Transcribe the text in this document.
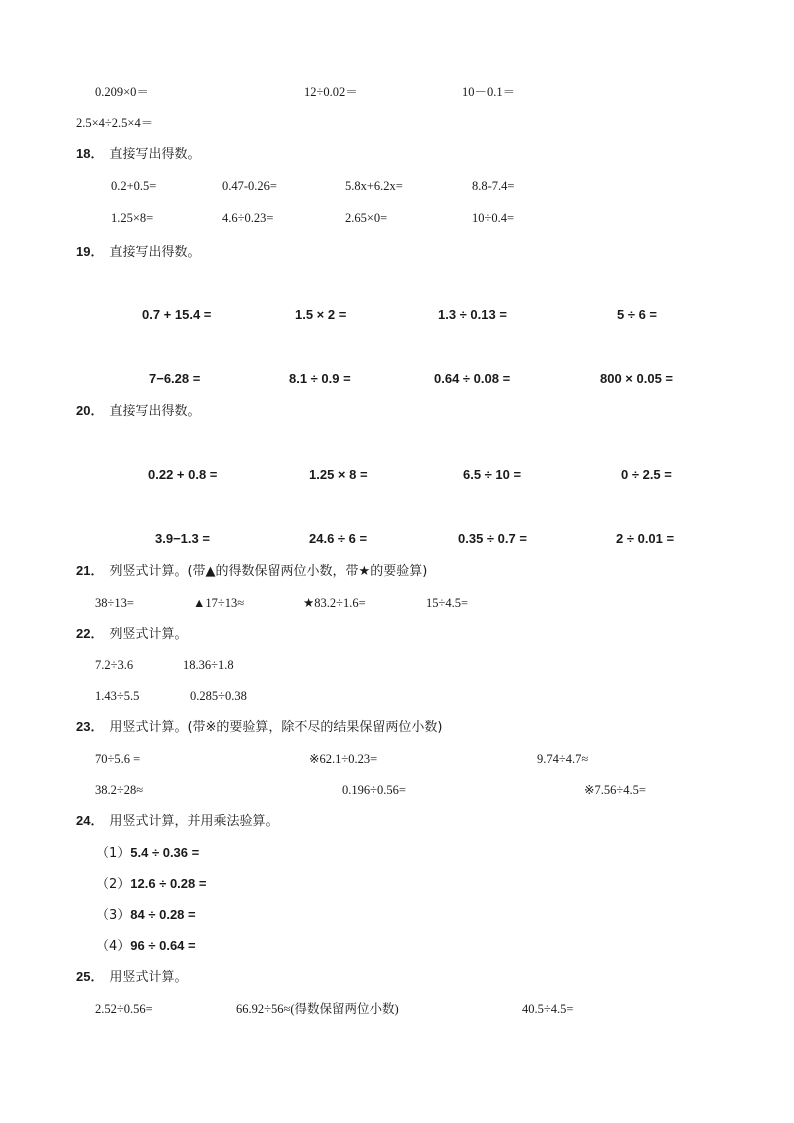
0.209×0＝	12÷0.02＝	10－0.1＝
2.5×4÷2.5×4＝
18． 直接写出得数。
0.2+0.5=	0.47-0.26=	5.8x+6.2x=	8.8-7.4=
1.25×8=	4.6÷0.23=	2.65×0=	10÷0.4=
19． 直接写出得数。
0.7 + 15.4 =	1.5 × 2 =	1.3 ÷ 0.13 =	5 ÷ 6 =
7−6.28 =	8.1 ÷ 0.9 =	0.64 ÷ 0.08 =	800 × 0.05 =
20． 直接写出得数。
0.22 + 0.8 =	1.25 × 8 =	6.5 ÷ 10 =	0 ÷ 2.5 =
3.9−1.3 =	24.6 ÷ 6 =	0.35 ÷ 0.7 =	2 ÷ 0.01 =
21． 列竖式计算。(带▲的得数保留两位小数，带★的要验算)
38÷13=	▲17÷13≈	★83.2÷1.6=	15÷4.5=
22． 列竖式计算。
7.2÷3.6	18.36÷1.8
1.43÷5.5	0.285÷0.38
23． 用竖式计算。(带※的要验算，除不尽的结果保留两位小数)
70÷5.6 =	※62.1÷0.23=	9.74÷4.7≈
38.2÷28≈	0.196÷0.56=	※7.56÷4.5=
24． 用竖式计算，并用乘法验算。
（1）5.4 ÷ 0.36 =
（2）12.6 ÷ 0.28 =
（3）84 ÷ 0.28 =
（4）96 ÷ 0.64 =
25． 用竖式计算。
2.52÷0.56=	66.92÷56≈(得数保留两位小数)	40.5÷4.5=
